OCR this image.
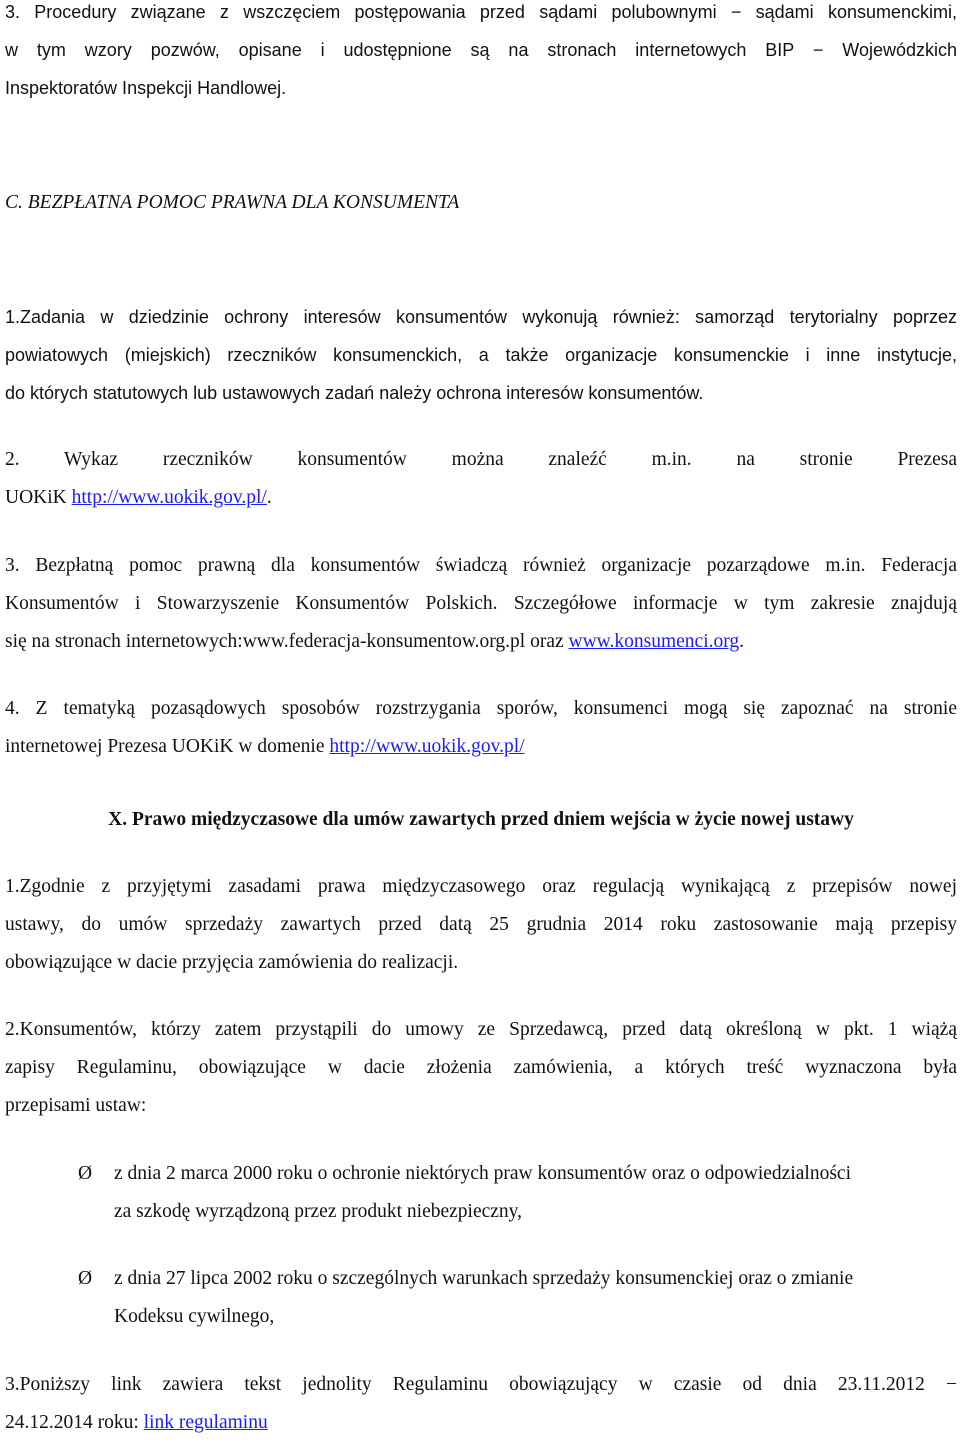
3. Procedury związane z wszczęciem postępowania przed sądami polubownymi − sądami konsumenckimi,
w tym wzory pozwów, opisane i udostępnione są na stronach internetowych BIP − Wojewódzkich
Inspektoratów Inspekcji Handlowej.
C. BEZPŁATNA POMOC PRAWNA DLA KONSUMENTA
1.Zadania w dziedzinie ochrony interesów konsumentów wykonują również: samorząd terytorialny poprzez
powiatowych (miejskich) rzeczników konsumenckich, a także organizacje konsumenckie i inne instytucje,
do których statutowych lub ustawowych zadań należy ochrona interesów konsumentów.
2. Wykaz rzeczników konsumentów można znaleźć m.in. na stronie Prezesa
UOKiK http://www.uokik.gov.pl/.
3. Bezpłatną pomoc prawną dla konsumentów świadczą również organizacje pozarządowe m.in. Federacja
Konsumentów i Stowarzyszenie Konsumentów Polskich. Szczegółowe informacje w tym zakresie znajdują
się na stronach internetowych:www.federacja-konsumentow.org.pl oraz www.konsumenci.org.
4. Z tematyką pozasądowych sposobów rozstrzygania sporów, konsumenci mogą się zapoznać na stronie
internetowej Prezesa UOKiK w domenie http://www.uokik.gov.pl/
X. Prawo międzyczasowe dla umów zawartych przed dniem wejścia w życie nowej ustawy
1.Zgodnie z przyjętymi zasadami prawa międzyczasowego oraz regulacją wynikającą z przepisów nowej
ustawy, do umów sprzedaży zawartych przed datą 25 grudnia 2014 roku zastosowanie mają przepisy
obowiązujące w dacie przyjęcia zamówienia do realizacji.
2.Konsumentów, którzy zatem przystąpili do umowy ze Sprzedawcą, przed datą określoną w pkt. 1 wiążą
zapisy Regulaminu, obowiązujące w dacie złożenia zamówienia, a których treść wyznaczona była
przepisami ustaw:
Ø z dnia 2 marca 2000 roku o ochronie niektórych praw konsumentów oraz o odpowiedzialności
za szkodę wyrządzoną przez produkt niebezpieczny,
Ø z dnia 27 lipca 2002 roku o szczególnych warunkach sprzedaży konsumenckiej oraz o zmianie
Kodeksu cywilnego,
3.Poniższy link zawiera tekst jednolity Regulaminu obowiązujący w czasie od dnia 23.11.2012 −
24.12.2014 roku: link regulaminu
